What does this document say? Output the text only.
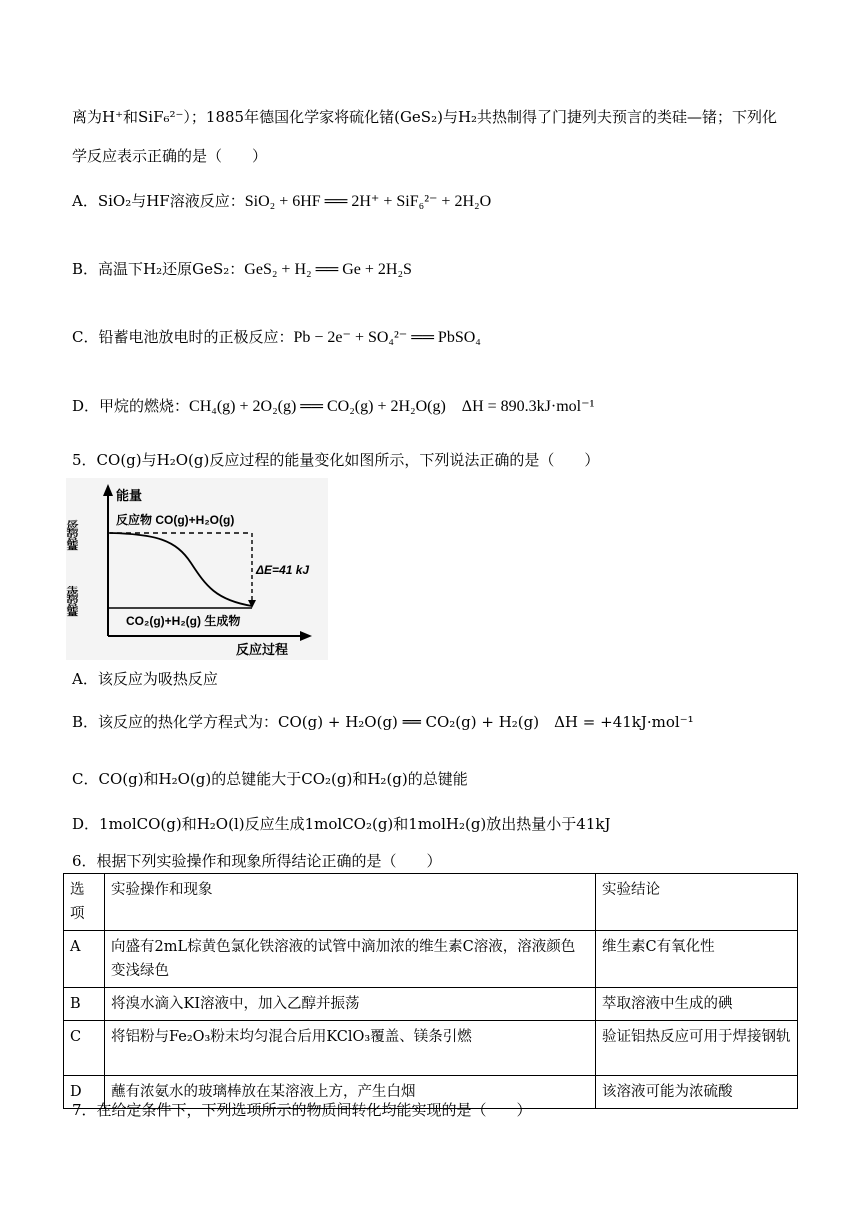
离为H⁺和SiF₆²⁻）；1885年德国化学家将硫化锗(GeS₂)与H₂共热制得了门捷列夫预言的类硅—锗；下列化
学反应表示正确的是（　　）
A．SiO₂与HF溶液反应：SiO₂ + 6HF ══ 2H⁺ + SiF₆²⁻ + 2H₂O
B．高温下H₂还原GeS₂：GeS₂ + H₂ ══ Ge + 2H₂S
C．铅蓄电池放电时的正极反应：Pb − 2e⁻ + SO₄²⁻ ══ PbSO₄
D．甲烷的燃烧：CH₄(g) + 2O₂(g) ══ CO₂(g) + 2H₂O(g)　ΔH = 890.3kJ·mol⁻¹
5．CO(g)与H₂O(g)反应过程的能量变化如图所示，下列说法正确的是（　　）
能量
反应物 CO(g)+H₂O(g)
CO₂(g)+H₂(g) 生成物
ΔE=41 kJ
反应过程
A．该反应为吸热反应
B．该反应的热化学方程式为：CO(g) + H₂O(g) ══ CO₂(g) + H₂(g)　ΔH = +41kJ·mol⁻¹
C．CO(g)和H₂O(g)的总键能大于CO₂(g)和H₂(g)的总键能
D．1molCO(g)和H₂O(l)反应生成1molCO₂(g)和1molH₂(g)放出热量小于41kJ
6．根据下列实验操作和现象所得结论正确的是（　　）
选项	实验操作和现象	实验结论
A	向盛有2mL棕黄色氯化铁溶液的试管中滴加浓的维生素C溶液，溶液颜色变浅绿色	维生素C有氧化性
B	将溴水滴入KI溶液中，加入乙醇并振荡	萃取溶液中生成的碘
C	将铝粉与Fe₂O₃粉末均匀混合后用KClO₃覆盖、镁条引燃	验证铝热反应可用于焊接钢轨
D	蘸有浓氨水的玻璃棒放在某溶液上方，产生白烟	该溶液可能为浓硫酸
7．在给定条件下，下列选项所示的物质间转化均能实现的是（　　）
